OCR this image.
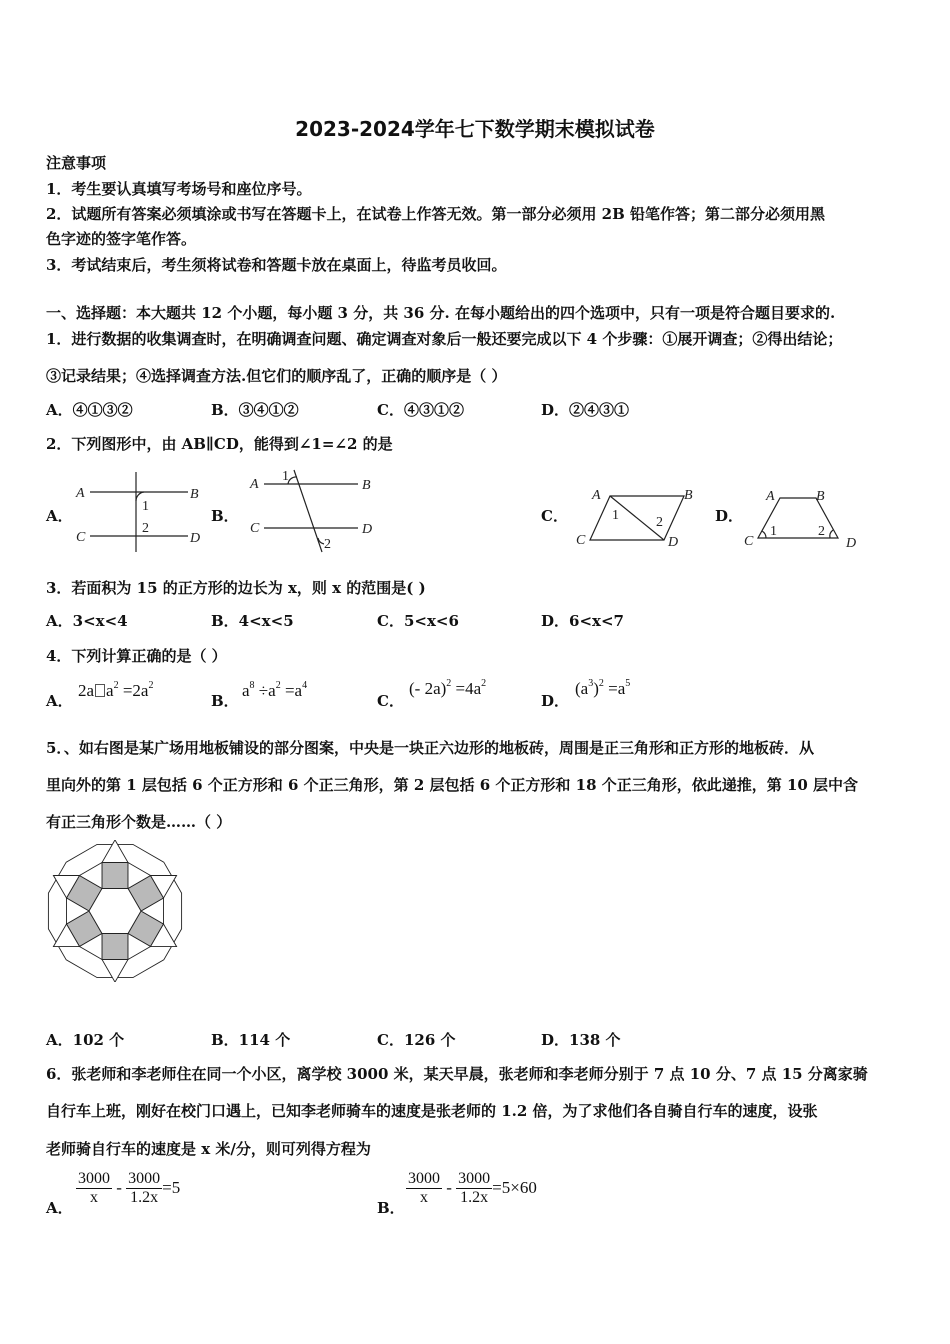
2023-2024学年七下数学期末模拟试卷
注意事项
1．考生要认真填写考场号和座位序号。
2．试题所有答案必须填涂或书写在答题卡上，在试卷上作答无效。第一部分必须用 2B 铅笔作答；第二部分必须用黑
色字迹的签字笔作答。
3．考试结束后，考生须将试卷和答题卡放在桌面上，待监考员收回。
一、选择题：本大题共 12 个小题，每小题 3 分，共 36 分. 在每小题给出的四个选项中，只有一项是符合题目要求的.
1．进行数据的收集调查时，在明确调查问题、确定调查对象后一般还要完成以下 4 个步骤：①展开调查；②得出结论；
③记录结果；④选择调查方法.但它们的顺序乱了，正确的顺序是（ ）
A．④①③②	B．③④①②	C．④③①②	D．②④③①
2．下列图形中，由 AB∥CD，能得到∠1=∠2 的是
A．	B．	C．	D．
A	B
C	D
1
2
A	B
C	D
1
2
A	B
C	D
1	2
A	B
C	D
1	2
3．若面积为 15 的正方形的边长为 x，则 x 的范围是( )
A．3<x<4	B．4<x<5	C．5<x<6	D．6<x<7
4．下列计算正确的是（ ）
A．
2a $a^2 =2a^2$
B．
$a^8 \div a^2 =a^4$
C．
(- $2a)^2 =4a^2$
D．
$(a^3)^2 =a^5$
5．、如右图是某广场用地板铺设的部分图案，中央是一块正六边形的地板砖，周围是正三角形和正方形的地板砖．从
里向外的第 1 层包括 6 个正方形和 6 个正三角形，第 2 层包括 6 个正方形和 18 个正三角形，依此递推，第 10 层中含
有正三角形个数是……（ ）
A．102 个	B．114 个	C．126 个	D．138 个
6．张老师和李老师住在同一个小区，离学校 3000 米，某天早晨，张老师和李老师分别于 7 点 10 分、7 点 15 分离家骑
自行车上班，刚好在校门口遇上，已知李老师骑车的速度是张老师的 1.2 倍，为了求他们各自骑自行车的速度，设张
老师骑自行车的速度是 x 米/分，则可列得方程为
A．
$\frac{3000}{x} - \frac{3000}{1.2x} =5$
B．
$\frac{3000}{x} - \frac{3000}{1.2x} =5\times 60$
